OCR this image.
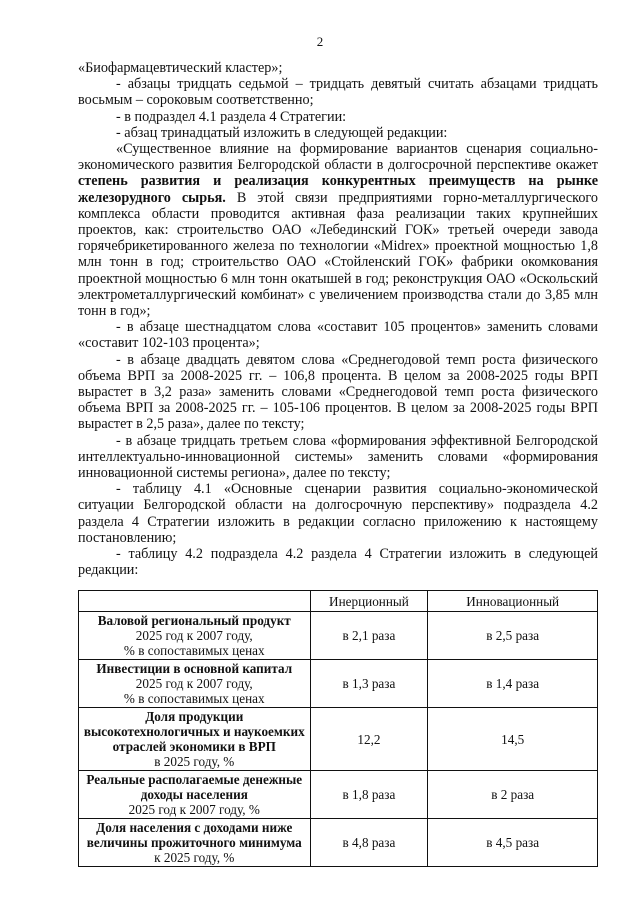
2

«Биофармацевтический кластер»;

- абзацы тридцать седьмой – тридцать девятый считать абзацами тридцать восьмым – сороковым соответственно;

- в подраздел 4.1 раздела 4 Стратегии:

- абзац тринадцатый изложить в следующей редакции:

«Существенное влияние на формирование вариантов сценария социально-экономического развития Белгородской области в долгосрочной перспективе окажет степень развития и реализация конкурентных преимуществ на рынке железорудного сырья. В этой связи предприятиями горно-металлургического комплекса области проводится активная фаза реализации таких крупнейших проектов, как: строительство ОАО «Лебединский ГОК» третьей очереди завода горячебрикетированного железа по технологии «Midrex» проектной мощностью 1,8 млн тонн в год; строительство ОАО «Стойленский ГОК» фабрики окомкования проектной мощностью 6 млн тонн окатышей в год; реконструкция ОАО «Оскольский электрометаллургический комбинат» с увеличением производства стали до 3,85 млн тонн в год»;

- в абзаце шестнадцатом слова «составит 105 процентов» заменить словами «составит 102-103 процента»;

- в абзаце двадцать девятом слова «Среднегодовой темп роста физического объема ВРП за 2008-2025 гг. – 106,8 процента. В целом за 2008-2025 годы ВРП вырастет в 3,2 раза» заменить словами «Среднегодовой темп роста физического объема ВРП за 2008-2025 гг. – 105-106 процентов. В целом за 2008-2025 годы ВРП вырастет в 2,5 раза», далее по тексту;

- в абзаце тридцать третьем слова «формирования эффективной Белгородской интеллектуально-инновационной системы» заменить словами «формирования инновационной системы региона», далее по тексту;

- таблицу 4.1 «Основные сценарии развития социально-экономической ситуации Белгородской области на долгосрочную перспективу» подраздела 4.2 раздела 4 Стратегии изложить в редакции согласно приложению к настоящему постановлению;

- таблицу 4.2 подраздела 4.2 раздела 4 Стратегии изложить в следующей редакции:

	Инерционный	Инновационный

Валовой региональный продукт
2025 год к 2007 году,
% в сопоставимых ценах	в 2,1 раза	в 2,5 раза

Инвестиции в основной капитал
2025 год к 2007 году,
% в сопоставимых ценах	в 1,3 раза	в 1,4 раза

Доля продукции высокотехнологичных и наукоемких отраслей экономики в ВРП
в 2025 году, %	12,2	14,5

Реальные располагаемые денежные доходы населения
2025 год к 2007 году, %	в 1,8 раза	в 2 раза

Доля населения с доходами ниже величины прожиточного минимума
к 2025 году, %	в 4,8 раза	в 4,5 раза
